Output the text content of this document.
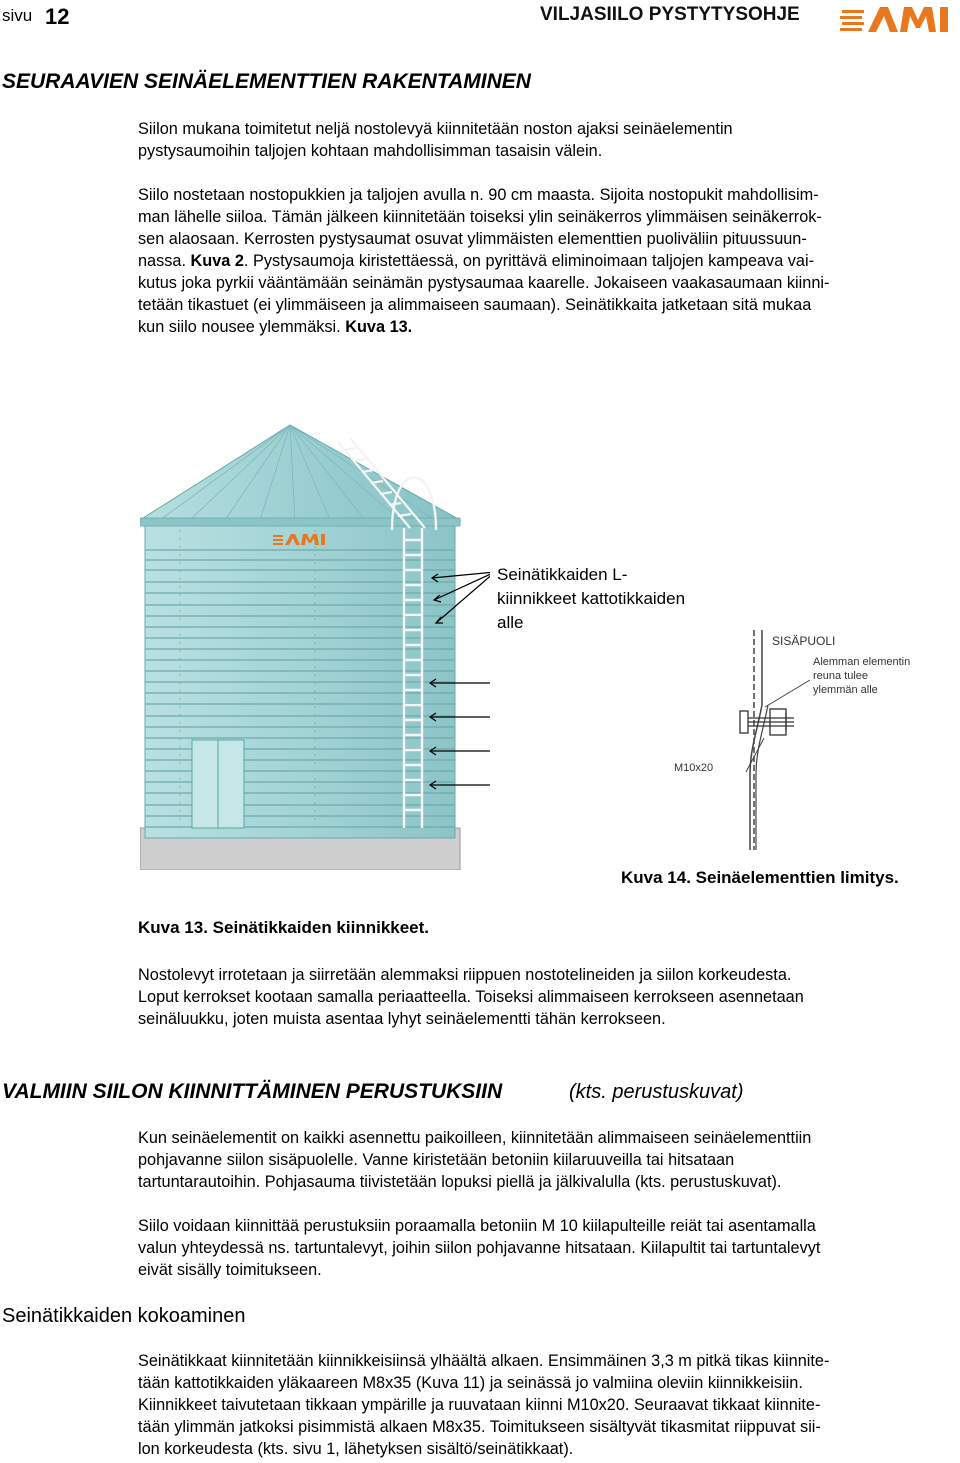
sivu 12	VILJASIILO PYSTYTYSOHJE
SEURAAVIEN SEINÄELEMENTTIEN RAKENTAMINEN

Siilon mukana toimitetut neljä nostolevyä kiinnitetään noston ajaksi seinäelementin

pystysaumoihin taljojen kohtaan mahdollisimman tasaisin välein.

Siilo nostetaan nostopukkien ja taljojen avulla n. 90 cm maasta. Sijoita nostopukit mahdollisim-

man lähelle siiloa. Tämän jälkeen kiinnitetään toiseksi ylin seinäkerros ylimmäisen seinäkerrok-

sen alaosaan. Kerrosten pystysaumat osuvat ylimmäisten elementtien puoliväliin pituussuun-

nassa. Kuva 2. Pystysaumoja kiristettäessä, on pyrittävä eliminoimaan taljojen kampeava vai-

kutus joka pyrkii vääntämään seinämän pystysaumaa kaarelle. Jokaiseen vaakasaumaan kiinni-

tetään tikastuet (ei ylimmäiseen ja alimmaiseen saumaan). Seinätikkaita jatketaan sitä mukaa

kun siilo nousee ylemmäksi. Kuva 13.

Seinätikkaiden L-
kiinnikkeet kattotikkaiden
alle
SISÄPUOLI
Alemman elementin
reuna tulee
ylemmän alle
M10x20
Kuva 14. Seinäelementtien limitys.
Kuva 13. Seinätikkaiden kiinnikkeet.

Nostolevyt irrotetaan ja siirretään alemmaksi riippuen nostotelineiden ja siilon korkeudesta.

Loput kerrokset kootaan samalla periaatteella. Toiseksi alimmaiseen kerrokseen asennetaan

seinäluukku, joten muista asentaa lyhyt seinäelementti tähän kerrokseen.

VALMIIN SIILON KIINNITTÄMINEN PERUSTUKSIIN	(kts. perustuskuvat)

Kun seinäelementit on kaikki asennettu paikoilleen, kiinnitetään alimmaiseen seinäelementtiin

pohjavanne siilon sisäpuolelle. Vanne kiristetään betoniin kiilaruuveilla tai hitsataan

tartuntarautoihin. Pohjasauma tiivistetään lopuksi piellä ja jälkivalulla (kts. perustuskuvat).

Siilo voidaan kiinnittää perustuksiin poraamalla betoniin M 10 kiilapulteille reiät tai asentamalla

valun yhteydessä ns. tartuntalevyt, joihin siilon pohjavanne hitsataan. Kiilapultit tai tartuntalevyt

eivät sisälly toimitukseen.

Seinätikkaiden kokoaminen

Seinätikkaat kiinnitetään kiinnikkeisiinsä ylhäältä alkaen. Ensimmäinen 3,3 m pitkä tikas kiinnite-

tään kattotikkaiden yläkaareen M8x35 (Kuva 11) ja seinässä jo valmiina oleviin kiinnikkeisiin.

Kiinnikkeet taivutetaan tikkaan ympärille ja ruuvataan kiinni M10x20. Seuraavat tikkaat kiinnite-

tään ylimmän jatkoksi pisimmistä alkaen M8x35. Toimitukseen sisältyvät tikasmitat riippuvat sii-

lon korkeudesta (kts. sivu 1, lähetyksen sisältö/seinätikkaat).
